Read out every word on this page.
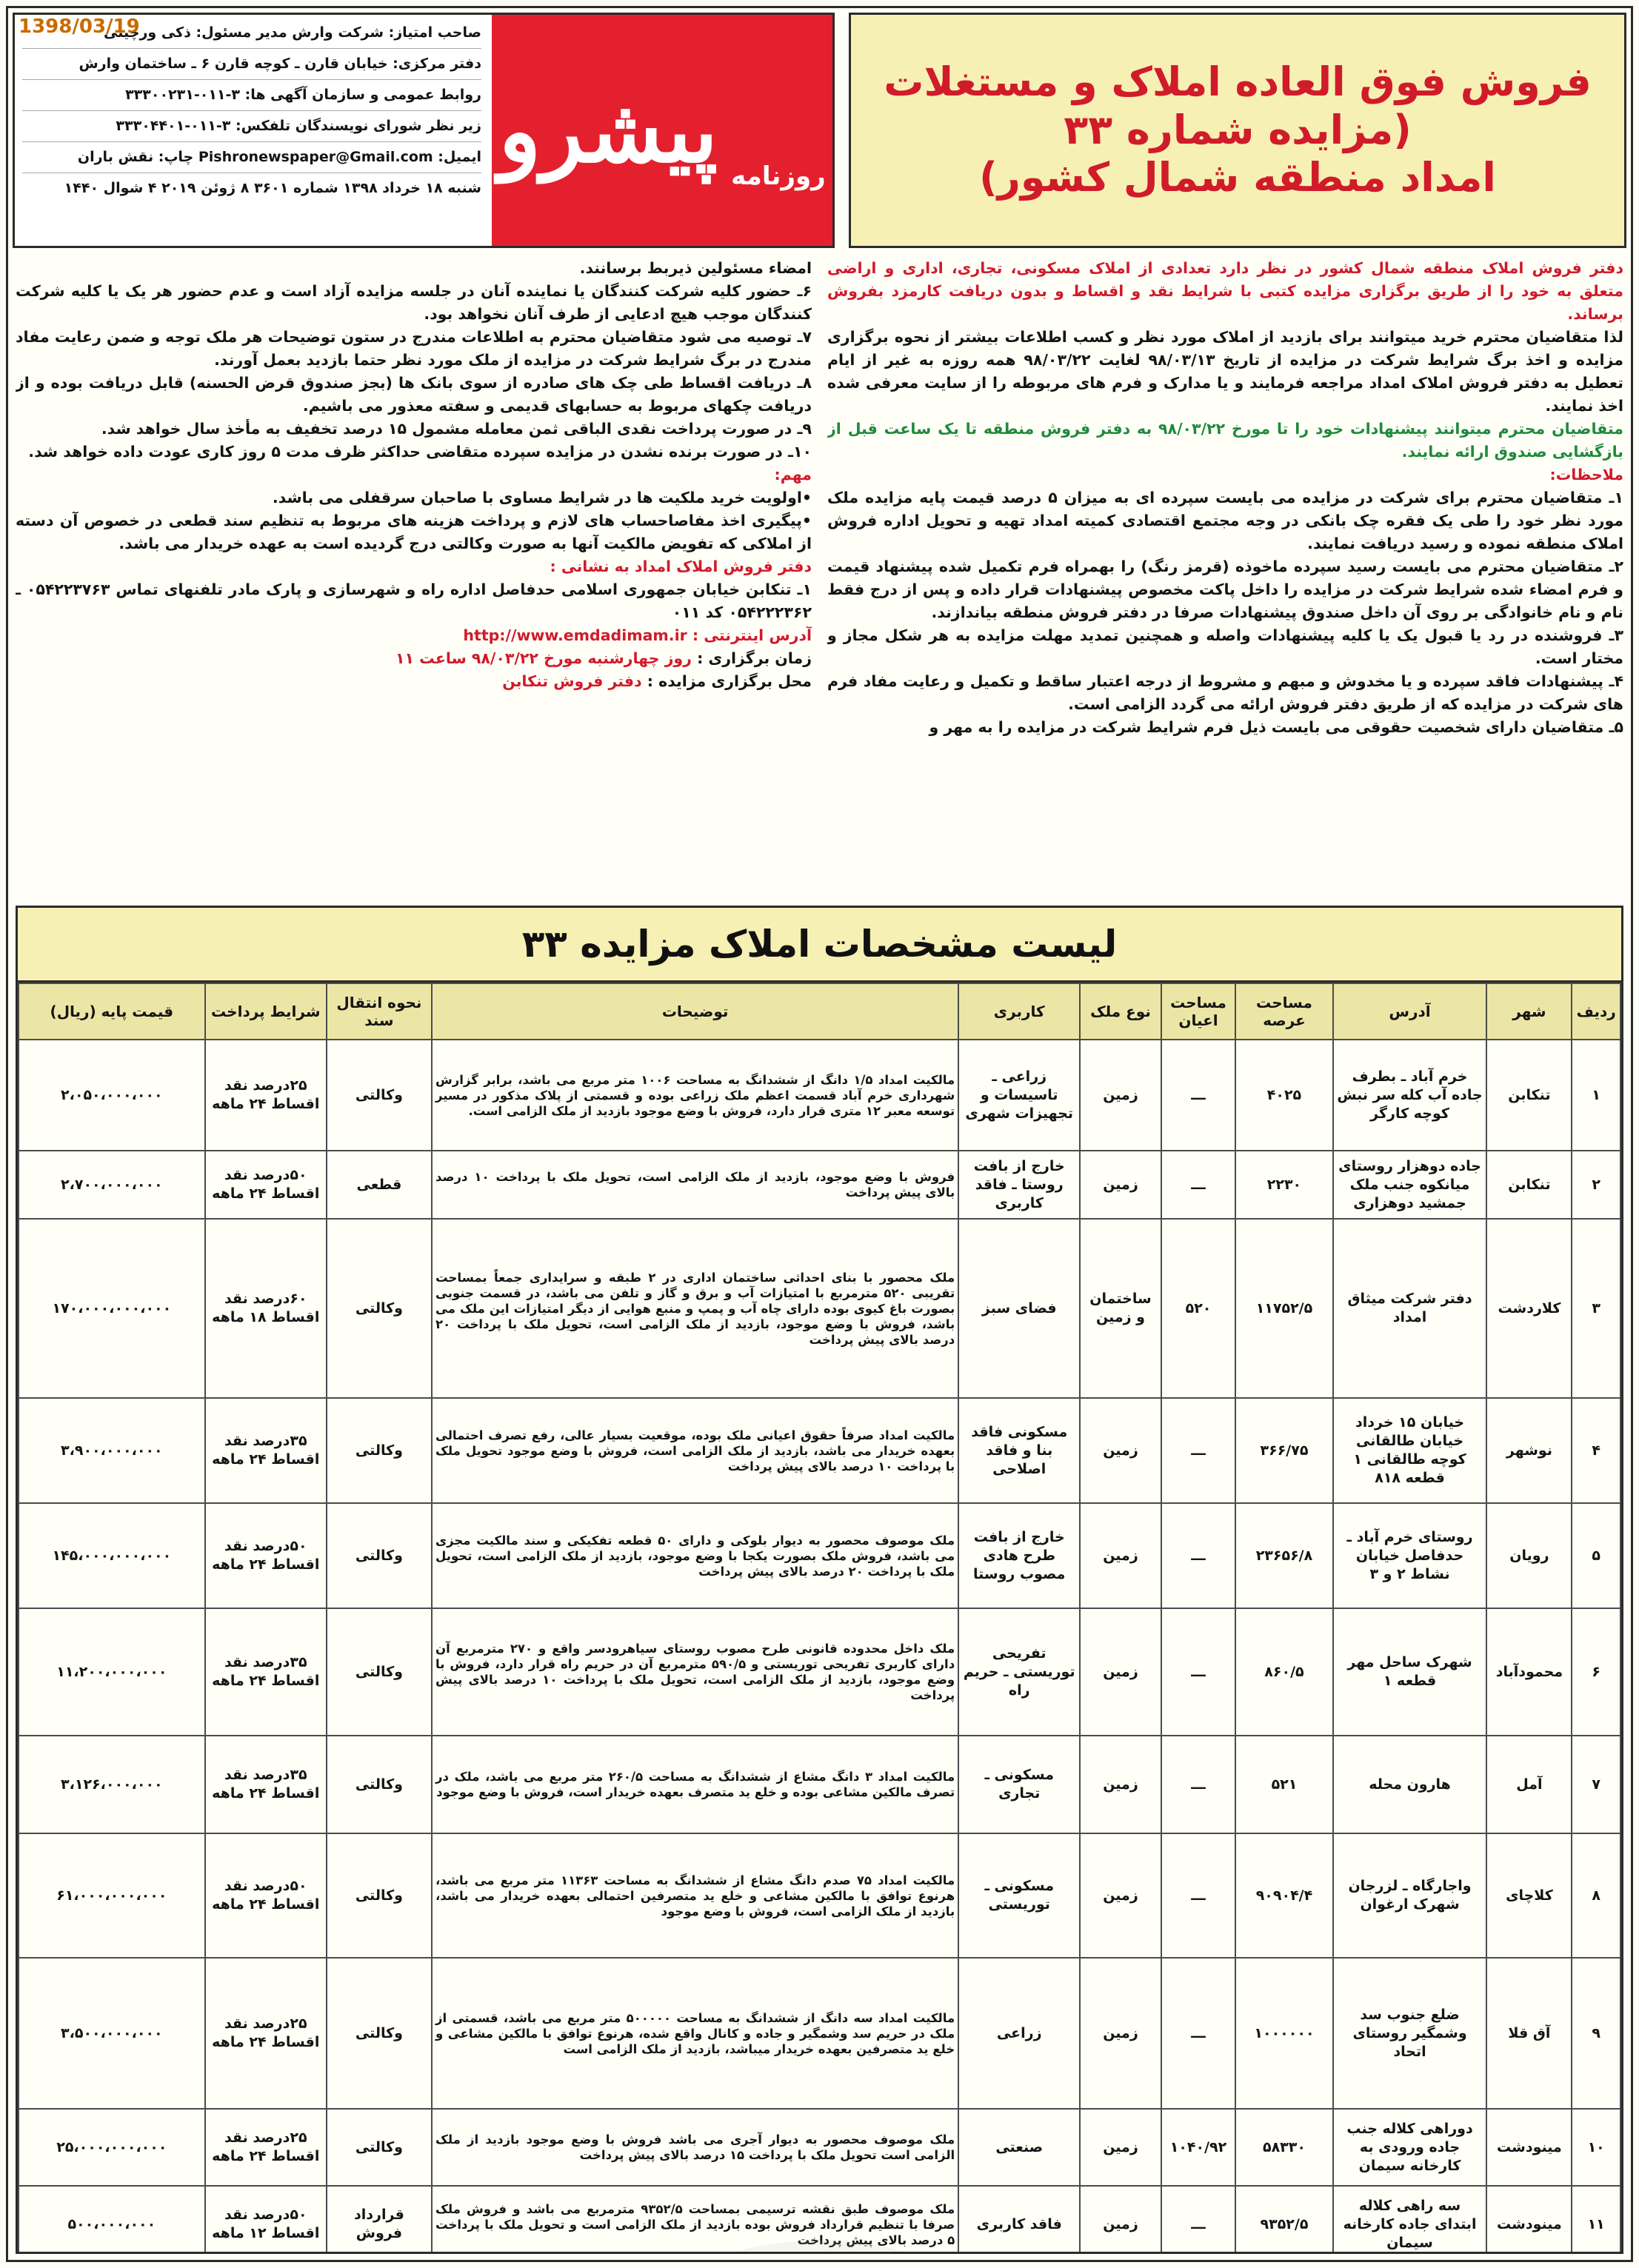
1398/03/19
روزنامه
پیشرو
صاحب امتیاز: شرکت وارش مدیر مسئول: ذکی ورچینی
دفتر مرکزی: خیابان قارن ـ کوچه قارن ۶ ـ ساختمان وارش
روابط عمومی و سازمان آگهی ها: ۳-۰۱۱-۳۳۳۰۰۲۳۱
زیر نظر شورای نویسندگان تلفکس: ۳-۰۱۱-۳۳۳۰۴۴۰۱
ایمیل: Pishronewspaper@Gmail.com چاپ: نقش باران
شنبه ۱۸ خرداد ۱۳۹۸ شماره ۳۶۰۱ ۸ ژوئن ۲۰۱۹ ۴ شوال ۱۴۴۰
فروش فوق العاده املاک و مستغلات
(مزایده شماره ۳۳
امداد منطقه شمال کشور)

دفتر فروش املاک منطقه شمال کشور در نظر دارد تعدادی از املاک مسکونی، تجاری، اداری و اراضی متعلق به خود را از طریق برگزاری مزایده کتبی با شرایط نقد و اقساط و بدون دریافت کارمزد بفروش برساند.

لذا متقاضیان محترم خرید میتوانند برای بازدید از املاک مورد نظر و کسب اطلاعات بیشتر از نحوه برگزاری مزایده و اخذ برگ شرایط شرکت در مزایده از تاریخ ۹۸/۰۳/۱۳ لغایت ۹۸/۰۳/۲۲ همه روزه به غیر از ایام تعطیل به دفتر فروش املاک امداد مراجعه فرمایند و یا مدارک و فرم های مربوطه را از سایت معرفی شده اخذ نمایند.

متقاضیان محترم میتوانند پیشنهادات خود را تا مورخ ۹۸/۰۳/۲۲ به دفتر فروش منطقه تا یک ساعت قبل از بازگشایی صندوق ارائه نمایند.

ملاحظات:

۱ـ متقاضیان محترم برای شرکت در مزایده می بایست سپرده ای به میزان ۵ درصد قیمت پایه مزایده ملک مورد نظر خود را طی یک فقره چک بانکی در وجه مجتمع اقتصادی کمیته امداد تهیه و تحویل اداره فروش املاک منطقه نموده و رسید دریافت نمایند.

۲ـ متقاضیان محترم می بایست رسید سپرده ماخوذه (قرمز رنگ) را بهمراه فرم تکمیل شده پیشنهاد قیمت و فرم امضاء شده شرایط شرکت در مزایده را داخل پاکت مخصوص پیشنهادات قرار داده و پس از درج فقط نام و نام خانوادگی بر روی آن داخل صندوق پیشنهادات صرفا در دفتر فروش منطقه بیاندازند.

۳ـ فروشنده در رد یا قبول یک یا کلیه پیشنهادات واصله و همچنین تمدید مهلت مزایده به هر شکل مجاز و مختار است.

۴ـ پیشنهادات فاقد سپرده و یا مخدوش و مبهم و مشروط از درجه اعتبار ساقط و تکمیل و رعایت مفاد فرم های شرکت در مزایده که از طریق دفتر فروش ارائه می گردد الزامی است.

۵ـ متقاضیان دارای شخصیت حقوقی می بایست ذیل فرم شرایط شرکت در مزایده را به مهر و

امضاء مسئولین ذیربط برسانند.

۶ـ حضور کلیه شرکت کنندگان یا نماینده آنان در جلسه مزایده آزاد است و عدم حضور هر یک یا کلیه شرکت کنندگان موجب هیچ ادعایی از طرف آنان نخواهد بود.

۷ـ توصیه می شود متقاضیان محترم به اطلاعات مندرج در ستون توضیحات هر ملک توجه و ضمن رعایت مفاد مندرج در برگ شرایط شرکت در مزایده از ملک مورد نظر حتما بازدید بعمل آورند.

۸ـ دریافت اقساط طی چک های صادره از سوی بانک ها (بجز صندوق قرض الحسنه) قابل دریافت بوده و از دریافت چکهای مربوط به حسابهای قدیمی و سفته معذور می باشیم.

۹ـ در صورت پرداخت نقدی الباقی ثمن معامله مشمول ۱۵ درصد تخفیف به مأخذ سال خواهد شد.

۱۰ـ در صورت برنده نشدن در مزایده سپرده متقاضی حداکثر ظرف مدت ۵ روز کاری عودت داده خواهد شد.

مهم:

•اولویت خرید ملکیت ها در شرایط مساوی با صاحبان سرقفلی می باشد.

•پیگیری اخذ مفاصاحساب های لازم و پرداخت هزینه های مربوط به تنظیم سند قطعی در خصوص آن دسته از املاکی که تفویض مالکیت آنها به صورت وکالتی درج گردیده است به عهده خریدار می باشد.

دفتر فروش املاک امداد به نشانی :

۱ـ تنکابن خیابان جمهوری اسلامی حدفاصل اداره راه و شهرسازی و پارک مادر تلفنهای تماس ۰۵۴۲۲۳۷۶۳ ـ ۰۵۴۲۲۲۳۶۲ کد ۰۱۱

آدرس اینترنتی : http://www.emdadimam.ir

زمان برگزاری : روز چهارشنبه مورخ ۹۸/۰۳/۲۲ ساعت ۱۱

محل برگزاری مزایده : دفتر فروش تنکابن

لیست مشخصات املاک مزایده ۳۳
ردیف	شهر	آدرس	مساحت عرصه	مساحت اعیان	نوع ملک	کاربری	توضیحات	نحوه انتقال سند	شرایط پرداخت	قیمت پایه (ریال)
۱	تنکابن	خرم آباد ـ بطرف جاده آب کله سر نبش کوچه کارگر	۴۰۲۵	ـــ	زمین	زراعی ـ تاسیسات و تجهیزات شهری	مالکیت امداد ۱/۵ دانگ از ششدانگ به مساحت ۱۰۰۶ متر مربع می باشد، برابر گزارش شهرداری خرم آباد قسمت اعظم ملک زراعی بوده و قسمتی از پلاک مذکور در مسیر توسعه معبر ۱۲ متری قرار دارد، فروش با وضع موجود بازدید از ملک الزامی است.	وکالتی	۲۵درصد نقد اقساط ۲۴ ماهه	۲،۰۵۰،۰۰۰،۰۰۰
۲	تنکابن	جاده دوهزار روستای میانکوه جنب ملک جمشید دوهزاری	۲۲۳۰	ـــ	زمین	خارج از بافت روستا ـ فاقد کاربری	فروش با وضع موجود، بازدید از ملک الزامی است، تحویل ملک با پرداخت ۱۰ درصد بالای پیش پرداخت	قطعی	۵۰درصد نقد اقساط ۲۴ ماهه	۲،۷۰۰،۰۰۰،۰۰۰
۳	کلاردشت	دفتر شرکت میثاق امداد	۱۱۷۵۲/۵	۵۲۰	ساختمان و زمین	فضای سبز	ملک محصور با بنای احداثی ساختمان اداری در ۲ طبقه و سرایداری جمعاً بمساحت تقریبی ۵۲۰ مترمربع با امتیازات آب و برق و گاز و تلفن می باشد، در قسمت جنوبی بصورت باغ کیوی بوده دارای چاه آب و پمپ و منبع هوایی از دیگر امتیازات این ملک می باشد، فروش با وضع موجود، بازدید از ملک الزامی است، تحویل ملک با پرداخت ۲۰ درصد بالای پیش پرداخت	وکالتی	۶۰درصد نقد اقساط ۱۸ ماهه	۱۷۰،۰۰۰،۰۰۰،۰۰۰
۴	نوشهر	خیابان ۱۵ خرداد خیابان طالقانی کوچه طالقانی ۱ قطعه ۸۱۸	۳۶۶/۷۵	ـــ	زمین	مسکونی فاقد بنا و فاقد اصلاحی	مالکیت امداد صرفاً حقوق اعیانی ملک بوده، موقعیت بسیار عالی، رفع تصرف احتمالی بعهده خریدار می باشد، بازدید از ملک الزامی است، فروش با وضع موجود تحویل ملک با پرداخت ۱۰ درصد بالای پیش پرداخت	وکالتی	۳۵درصد نقد اقساط ۲۴ ماهه	۳،۹۰۰،۰۰۰،۰۰۰
۵	رویان	روستای خرم آباد ـ حدفاصل خیابان نشاط ۲ و ۳	۲۳۶۵۶/۸	ـــ	زمین	خارج از بافت طرح هادی مصوب روستا	ملک موصوف محصور به دیوار بلوکی و دارای ۵۰ قطعه تفکیکی و سند مالکیت مجزی می باشد، فروش ملک بصورت یکجا با وضع موجود، بازدید از ملک الزامی است، تحویل ملک با پرداخت ۲۰ درصد بالای پیش پرداخت	وکالتی	۵۰درصد نقد اقساط ۲۴ ماهه	۱۴۵،۰۰۰،۰۰۰،۰۰۰
۶	محمودآباد	شهرک ساحل مهر قطعه ۱	۸۶۰/۵	ـــ	زمین	تفریحی توریستی ـ حریم راه	ملک داخل محدوده قانونی طرح مصوب روستای سیاهرودسر واقع و ۲۷۰ مترمربع آن دارای کاربری تفریحی توریستی و ۵۹۰/۵ مترمربع آن در حریم راه قرار دارد، فروش با وضع موجود، بازدید از ملک الزامی است، تحویل ملک با پرداخت ۱۰ درصد بالای پیش پرداخت	وکالتی	۳۵درصد نقد اقساط ۲۴ ماهه	۱۱،۲۰۰،۰۰۰،۰۰۰
۷	آمل	هارون محله	۵۲۱	ـــ	زمین	مسکونی ـ تجاری	مالکیت امداد ۳ دانگ مشاع از ششدانگ به مساحت ۲۶۰/۵ متر مربع می باشد، ملک در تصرف مالکین مشاعی بوده و خلع ید متصرف بعهده خریدار است، فروش با وضع موجود	وکالتی	۳۵درصد نقد اقساط ۲۴ ماهه	۳،۱۲۶،۰۰۰،۰۰۰
۸	کلاچای	واجارگاه ـ لزرجان شهرک ارغوان	۹۰۹۰۴/۴	ـــ	زمین	مسکونی ـ توریستی	مالکیت امداد ۷۵ صدم دانگ مشاع از ششدانگ به مساحت ۱۱۳۶۳ متر مربع می باشد، هرنوع توافق با مالکین مشاعی و خلع ید متصرفین احتمالی بعهده خریدار می باشد، بازدید از ملک الزامی است، فروش با وضع موجود	وکالتی	۵۰درصد نقد اقساط ۲۴ ماهه	۶۱،۰۰۰،۰۰۰،۰۰۰
۹	آق قلا	ضلع جنوب سد وشمگیر روستای اتحاد	۱۰۰۰۰۰۰	ـــ	زمین	زراعی	مالکیت امداد سه دانگ از ششدانگ به مساحت ۵۰۰۰۰۰ متر مربع می باشد، قسمتی از ملک در حریم سد وشمگیر و جاده و کانال واقع شده، هرنوع توافق با مالکین مشاعی و خلع ید متصرفین بعهده خریدار میباشد، بازدید از ملک الزامی است	وکالتی	۲۵درصد نقد اقساط ۲۴ ماهه	۳،۵۰۰،۰۰۰،۰۰۰
۱۰	مینودشت	دوراهی کلاله جنب جاده ورودی به کارخانه سیمان	۵۸۳۳۰	۱۰۴۰/۹۲	زمین	صنعتی	ملک موصوف محصور به دیوار آجری می باشد فروش با وضع موجود بازدید از ملک الزامی است تحویل ملک با پرداخت ۱۵ درصد بالای پیش پرداخت	وکالتی	۲۵درصد نقد اقساط ۲۴ ماهه	۲۵،۰۰۰،۰۰۰،۰۰۰
۱۱	مینودشت	سه راهی کلاله ابتدای جاده کارخانه سیمان	۹۳۵۲/۵	ـــ	زمین	فاقد کاربری	ملک موصوف طبق نقشه ترسیمی بمساحت ۹۳۵۲/۵ مترمربع می باشد و فروش ملک صرفا با تنظیم قرارداد فروش بوده بازدید از ملک الزامی است و تحویل ملک با پرداخت ۵ درصد بالای پیش پرداخت	قرارداد فروش	۵۰درصد نقد اقساط ۱۲ ماهه	۵۰۰،۰۰۰،۰۰۰
